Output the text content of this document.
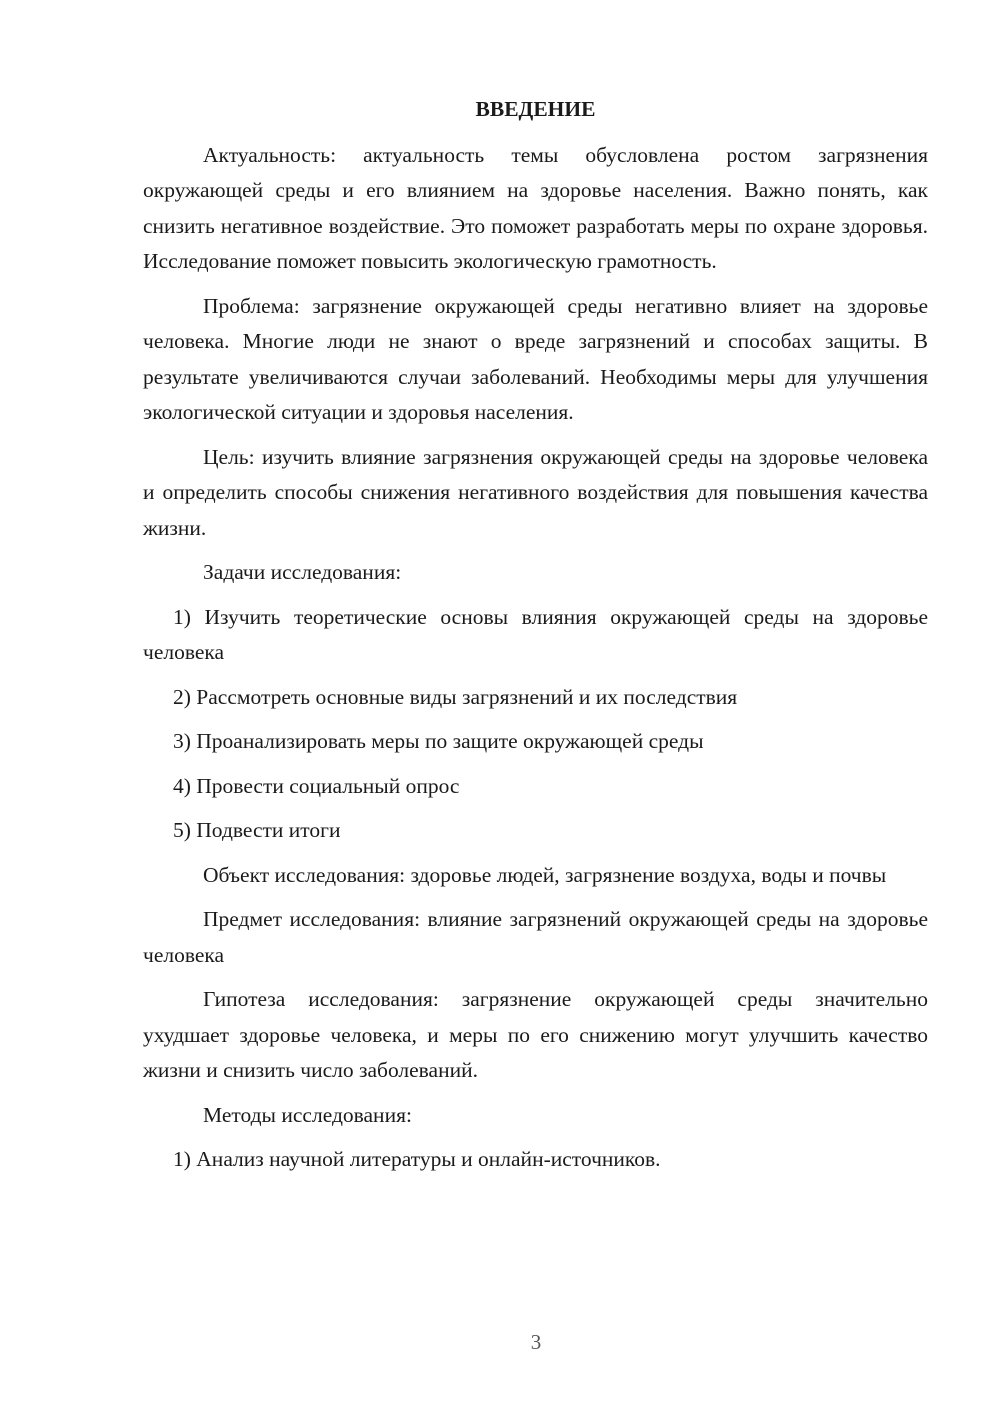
ВВЕДЕНИЕ

Актуальность: актуальность темы обусловлена ростом загрязнения окружающей среды и его влиянием на здоровье населения. Важно понять, как снизить негативное воздействие. Это поможет разработать меры по охране здоровья. Исследование поможет повысить экологическую грамотность.

Проблема: загрязнение окружающей среды негативно влияет на здоровье человека. Многие люди не знают о вреде загрязнений и способах защиты. В результате увеличиваются случаи заболеваний. Необходимы меры для улучшения экологической ситуации и здоровья населения.

Цель: изучить влияние загрязнения окружающей среды на здоровье человека и определить способы снижения негативного воздействия для повышения качества жизни.

Задачи исследования:

1) Изучить теоретические основы влияния окружающей среды на здоровье человека

2) Рассмотреть основные виды загрязнений и их последствия

3) Проанализировать меры по защите окружающей среды

4) Провести социальный опрос

5) Подвести итоги

Объект исследования: здоровье людей, загрязнение воздуха, воды и почвы

Предмет исследования: влияние загрязнений окружающей среды на здоровье человека

Гипотеза исследования: загрязнение окружающей среды значительно ухудшает здоровье человека, и меры по его снижению могут улучшить качество жизни и снизить число заболеваний.

Методы исследования:

1) Анализ научной литературы и онлайн-источников.

3
